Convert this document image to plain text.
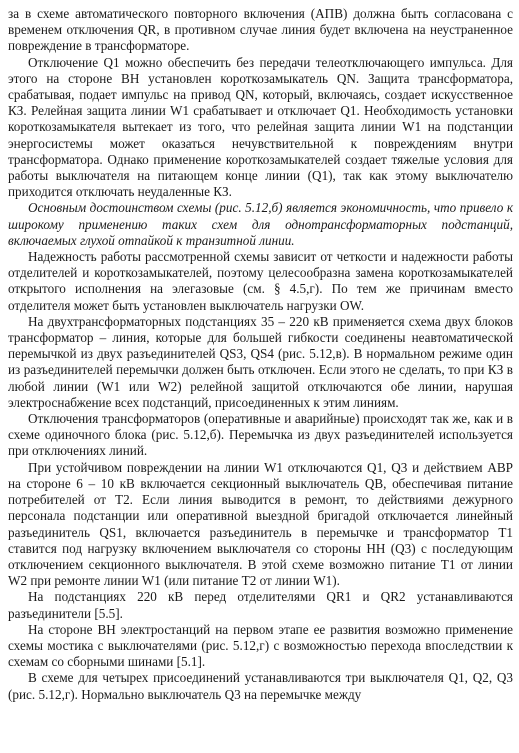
за в схеме автоматического повторного включения (АПВ) должна быть согласована с временем отключения QR, в противном случае линия будет включена на неустраненное повреждение в трансформаторе.

Отключение Q1 можно обеспечить без передачи телеотключающего импульса. Для этого на стороне ВН установлен короткозамыкатель QN. Защита трансформатора, срабатывая, подает импульс на привод QN, который, включаясь, создает искусственное КЗ. Релейная защита линии W1 срабатывает и отключает Q1. Необходимость установки короткозамыкателя вытекает из того, что релейная защита линии W1 на подстанции энергосистемы может оказаться нечувствительной к повреждениям внутри трансформатора. Однако применение короткозамыкателей создает тяжелые условия для работы выключателя на питающем конце линии (Q1), так как этому выключателю приходится отключать неудаленные КЗ.

Основным достоинством схемы (рис. 5.12,б) является экономичность, что привело к широкому применению таких схем для однотрансформаторных подстанций, включаемых глухой отпайкой к транзитной линии.

Надежность работы рассмотренной схемы зависит от четкости и надежности работы отделителей и короткозамыкателей, поэтому целесообразна замена короткозамыкателей открытого исполнения на элегазовые (см. § 4.5,г). По тем же причинам вместо отделителя может быть установлен выключатель нагрузки OW.

На двухтрансформаторных подстанциях 35 – 220 кВ применяется схема двух блоков трансформатор – линия, которые для большей гибкости соединены неавтоматической перемычкой из двух разъединителей QS3, QS4 (рис. 5.12,в). В нормальном режиме один из разъединителей перемычки должен быть отключен. Если этого не сделать, то при КЗ в любой линии (W1 или W2) релейной защитой отключаются обе линии, нарушая электроснабжение всех подстанций, присоединенных к этим линиям.

Отключения трансформаторов (оперативные и аварийные) происходят так же, как и в схеме одиночного блока (рис. 5.12,б). Перемычка из двух разъединителей используется при отключениях линий.

При устойчивом повреждении на линии W1 отключаются Q1, Q3 и действием АВР на стороне 6 – 10 кВ включается секционный выключатель QB, обеспечивая питание потребителей от T2. Если линия выводится в ремонт, то действиями дежурного персонала подстанции или оперативной выездной бригадой отключается линейный разъединитель QS1, включается разъединитель в перемычке и трансформатор T1 ставится под нагрузку включением выключателя со стороны НН (Q3) с последующим отключением секционного выключателя. В этой схеме возможно питание T1 от линии W2 при ремонте линии W1 (или питание T2 от линии W1).

На подстанциях 220 кВ перед отделителями QR1 и QR2 устанавливаются разъединители [5.5].

На стороне ВН электростанций на первом этапе ее развития возможно применение схемы мостика с выключателями (рис. 5.12,г) с возможностью перехода впоследствии к схемам со сборными шинами [5.1].

В схеме для четырех присоединений устанавливаются три выключателя Q1, Q2, Q3 (рис. 5.12,г). Нормально выключатель Q3 на перемычке между
